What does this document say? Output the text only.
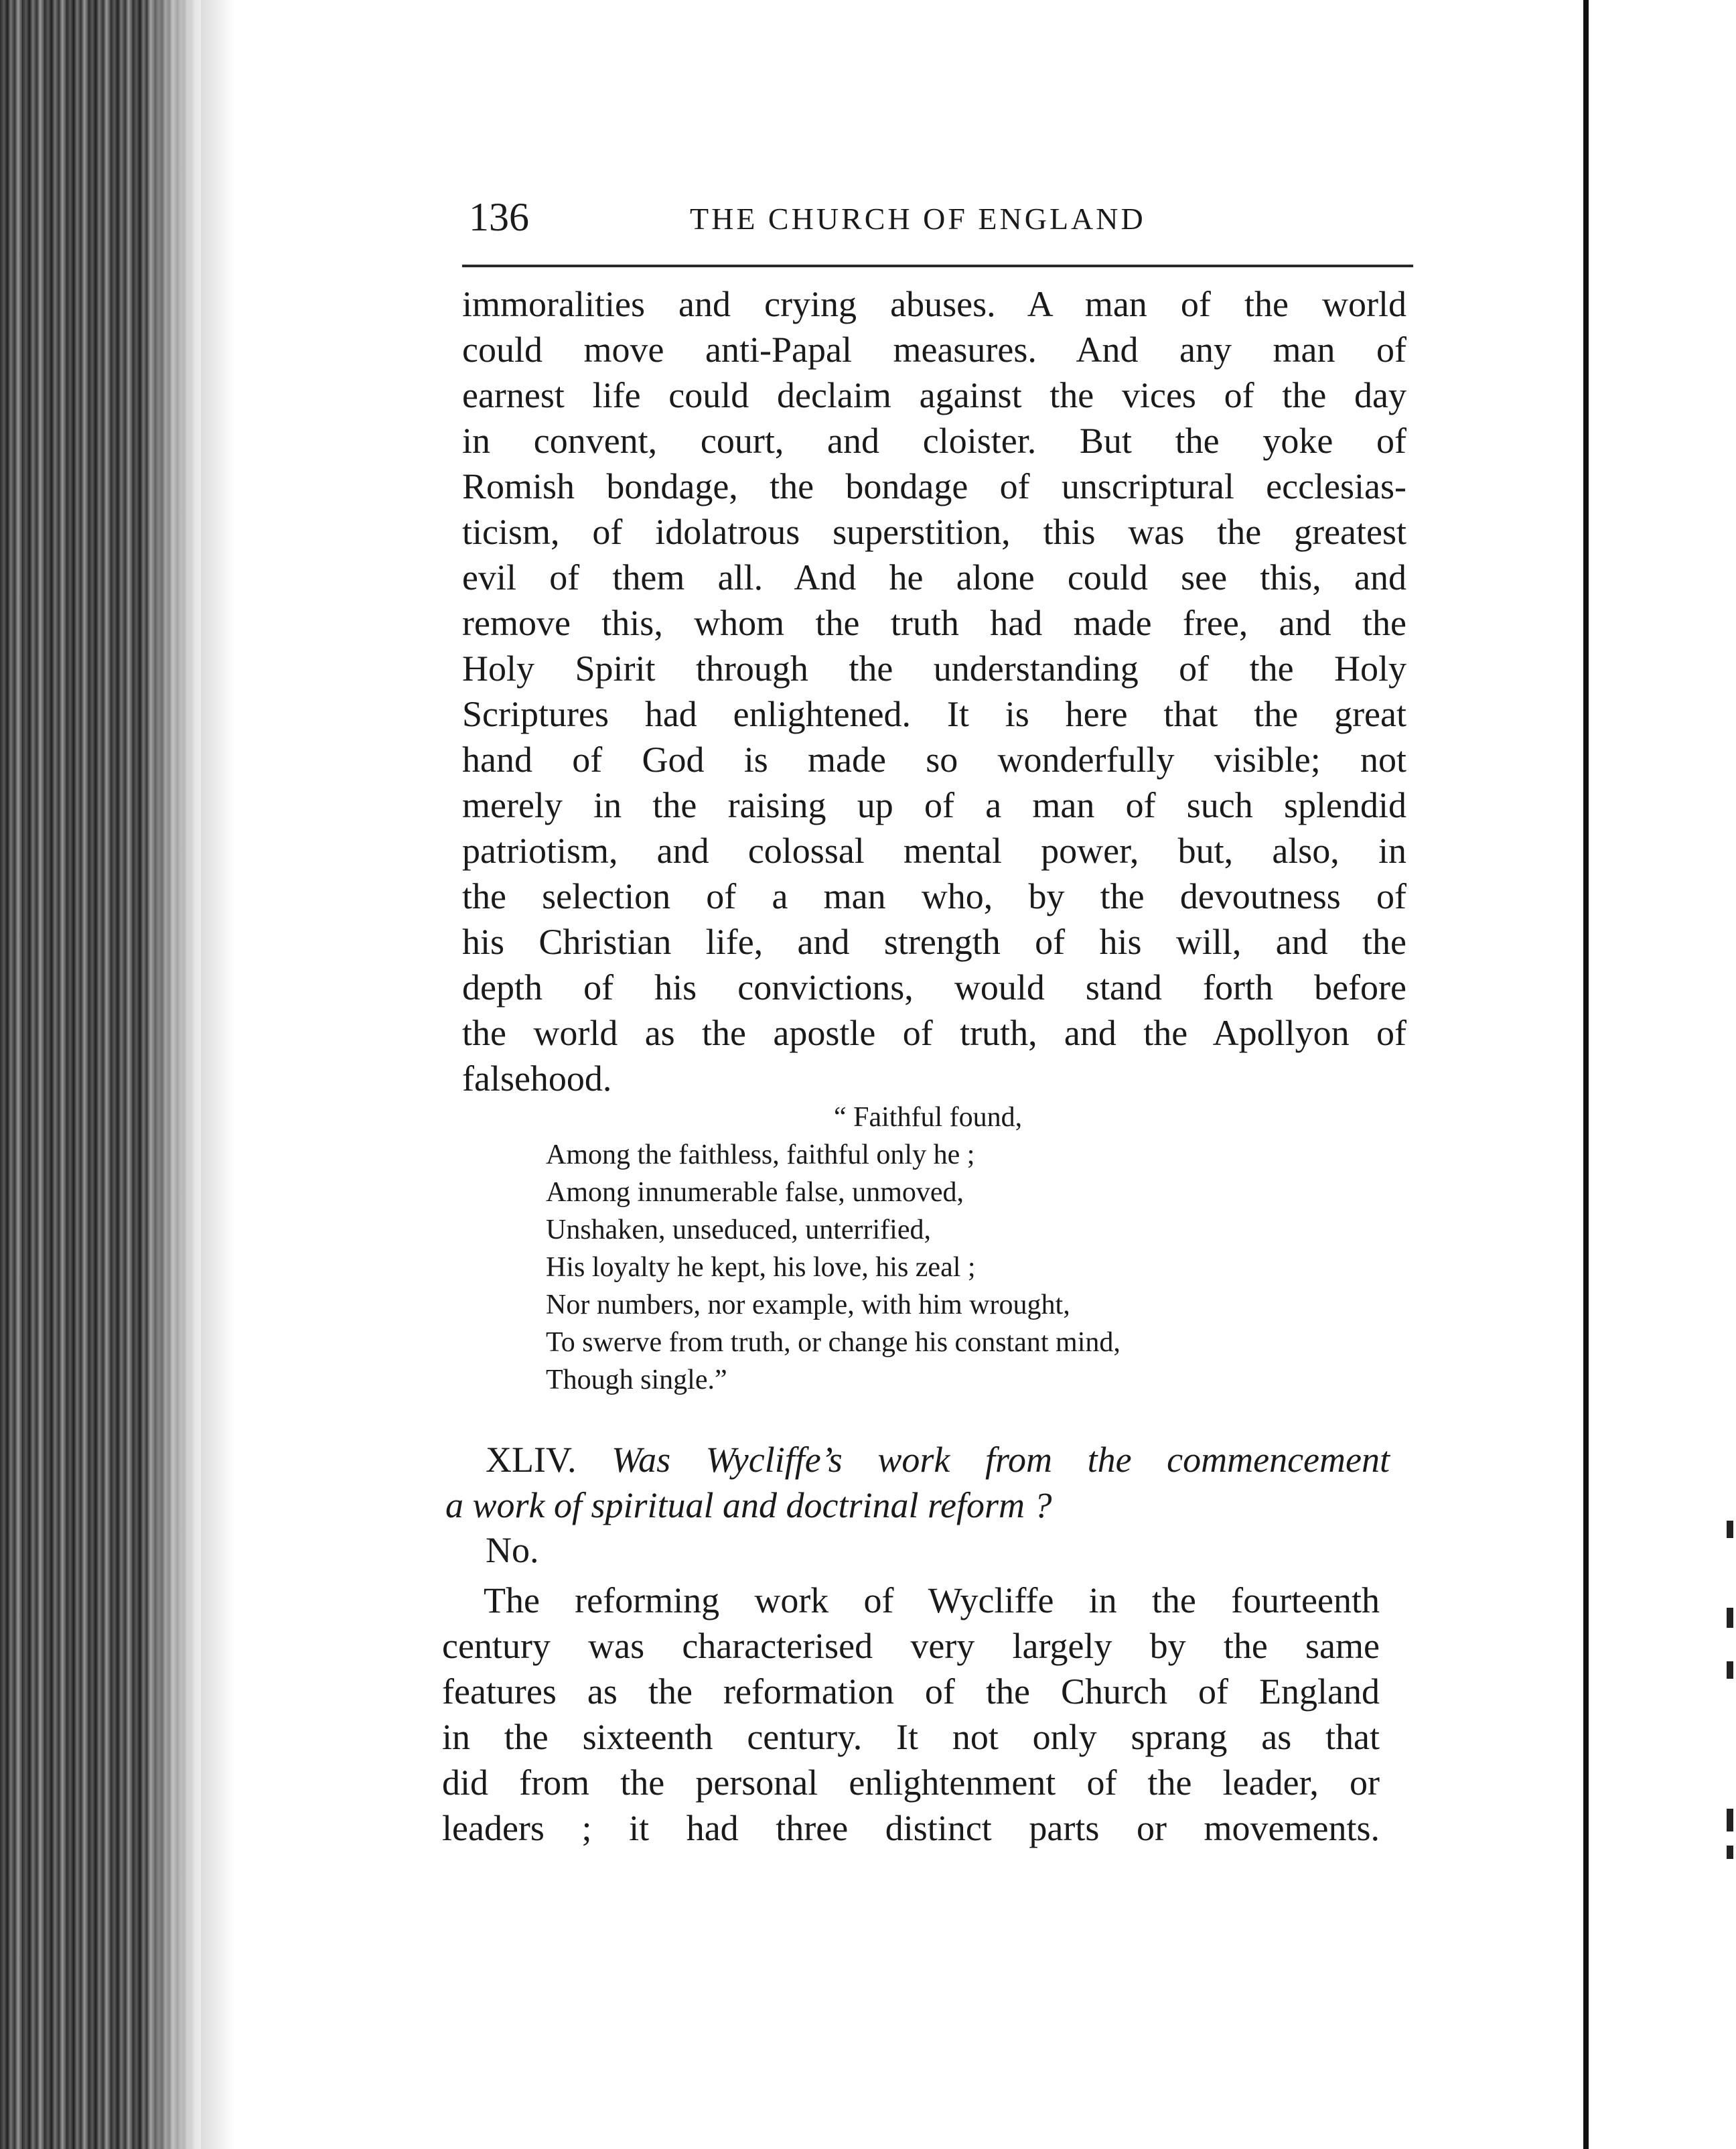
136	THE CHURCH OF ENGLAND
immoralities and crying abuses. A man of the world
could move anti-Papal measures. And any man of
earnest life could declaim against the vices of the day
in convent, court, and cloister. But the yoke of
Romish bondage, the bondage of unscriptural ecclesias-
ticism, of idolatrous superstition, this was the greatest
evil of them all. And he alone could see this, and
remove this, whom the truth had made free, and the
Holy Spirit through the understanding of the Holy
Scriptures had enlightened. It is here that the great
hand of God is made so wonderfully visible; not
merely in the raising up of a man of such splendid
patriotism, and colossal mental power, but, also, in
the selection of a man who, by the devoutness of
his Christian life, and strength of his will, and the
depth of his convictions, would stand forth before
the world as the apostle of truth, and the Apollyon of
falsehood.
“ Faithful found,
Among the faithless, faithful only he ;
Among innumerable false, unmoved,
Unshaken, unseduced, unterrified,
His loyalty he kept, his love, his zeal ;
Nor numbers, nor example, with him wrought,
To swerve from truth, or change his constant mind,
Though single.”
XLIV. Was Wycliffe’s work from the commencement
a work of spiritual and doctrinal reform ?
No.
The reforming work of Wycliffe in the fourteenth
century was characterised very largely by the same
features as the reformation of the Church of England
in the sixteenth century. It not only sprang as that
did from the personal enlightenment of the leader, or
leaders ; it had three distinct parts or movements.
